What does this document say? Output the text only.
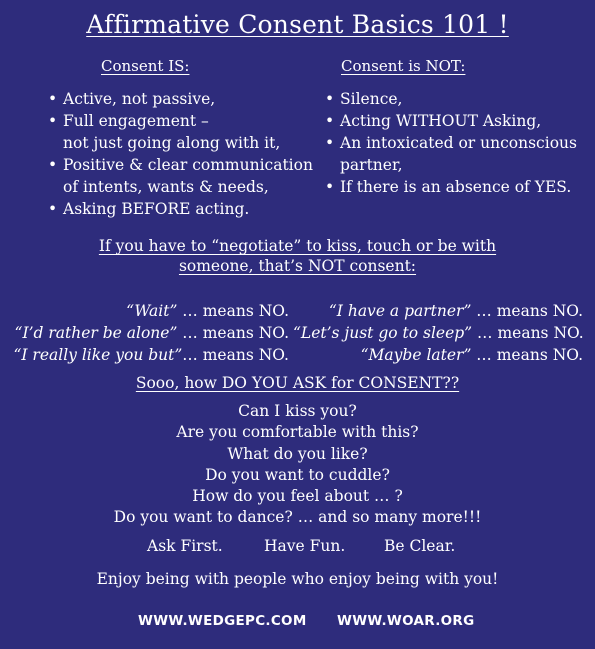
Affirmative Consent Basics 101 !
Consent IS:	Consent is NOT:
• Active, not passive,
• Full engagement –
not just going along with it,
• Positive & clear communication
of intents, wants & needs,
• Asking BEFORE acting.
• Silence,
• Acting WITHOUT Asking,
• An intoxicated or unconscious
partner,
• If there is an absence of YES.
If you have to “negotiate” to kiss, touch or be with
someone, that’s NOT consent:
“Wait” … means NO.
“I’d rather be alone” … means NO.
“I really like you but”… means NO.
“I have a partner” … means NO.
“Let’s just go to sleep” … means NO.
“Maybe later” … means NO.
Sooo, how DO YOU ASK for CONSENT??
Can I kiss you?
Are you comfortable with this?
What do you like?
Do you want to cuddle?
How do you feel about … ?
Do you want to dance? … and so many more!!!
Ask First.	Have Fun. Be Clear.
Enjoy being with people who enjoy being with you!
WWW.WEDGEPC.COM WWW.WOAR.ORG
